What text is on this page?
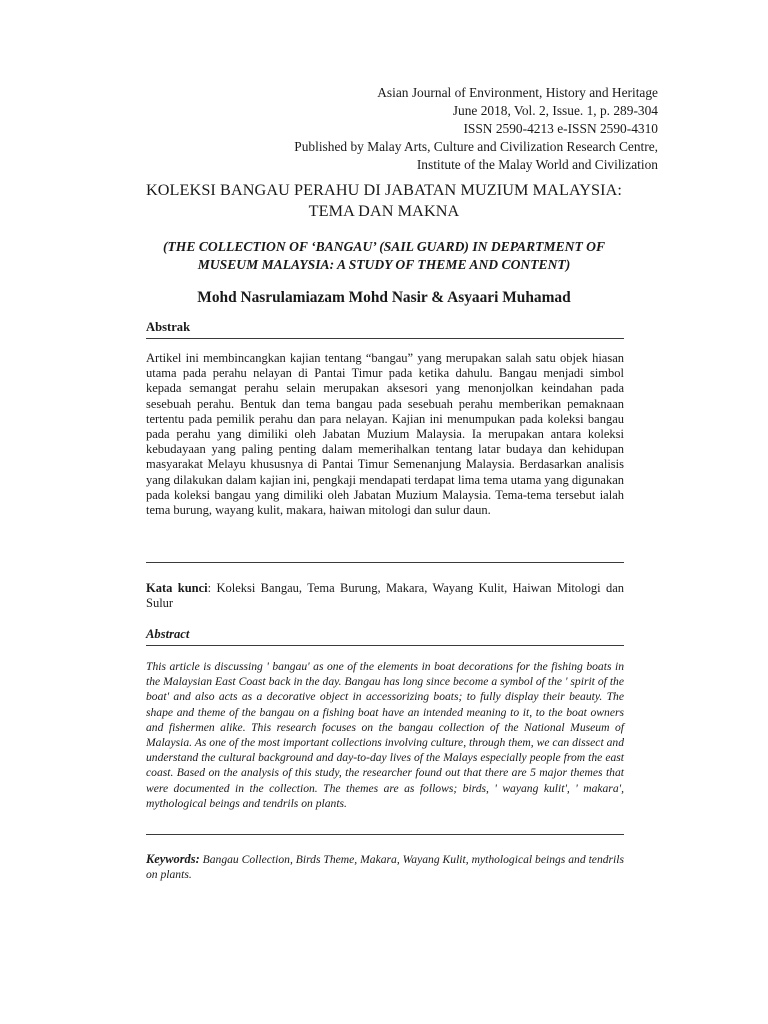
Asian Journal of Environment, History and Heritage
June 2018, Vol. 2, Issue. 1, p. 289-304
ISSN 2590-4213 e-ISSN 2590-4310
Published by Malay Arts, Culture and Civilization Research Centre,
Institute of the Malay World and Civilization
KOLEKSI BANGAU PERAHU DI JABATAN MUZIUM MALAYSIA:
TEMA DAN MAKNA
(THE COLLECTION OF ‘BANGAU’ (SAIL GUARD) IN DEPARTMENT OF
MUSEUM MALAYSIA: A STUDY OF THEME AND CONTENT)
Mohd Nasrulamiazam Mohd Nasir & Asyaari Muhamad
Abstrak

Artikel ini membincangkan kajian tentang “bangau” yang merupakan salah satu objek hiasan utama pada perahu nelayan di Pantai Timur pada ketika dahulu. Bangau menjadi simbol kepada semangat perahu selain merupakan aksesori yang menonjolkan keindahan pada sesebuah perahu. Bentuk dan tema bangau pada sesebuah perahu memberikan pemaknaan tertentu pada pemilik perahu dan para nelayan. Kajian ini menumpukan pada koleksi bangau pada perahu yang dimiliki oleh Jabatan Muzium Malaysia. Ia merupakan antara koleksi kebudayaan yang paling penting dalam memerihalkan tentang latar budaya dan kehidupan masyarakat Melayu khususnya di Pantai Timur Semenanjung Malaysia. Berdasarkan analisis yang dilakukan dalam kajian ini, pengkaji mendapati terdapat lima tema utama yang digunakan pada koleksi bangau yang dimiliki oleh Jabatan Muzium Malaysia. Tema-tema tersebut ialah tema burung, wayang kulit, makara, haiwan mitologi dan sulur daun.

Kata kunci: Koleksi Bangau, Tema Burung, Makara, Wayang Kulit, Haiwan Mitologi dan Sulur

Abstract

This article is discussing ' bangau' as one of the elements in boat decorations for the fishing boats in the Malaysian East Coast back in the day. Bangau has long since become a symbol of the ' spirit of the boat' and also acts as a decorative object in accessorizing boats; to fully display their beauty. The shape and theme of the bangau on a fishing boat have an intended meaning to it, to the boat owners and fishermen alike. This research focuses on the bangau collection of the National Museum of Malaysia. As one of the most important collections involving culture, through them, we can dissect and understand the cultural background and day-to-day lives of the Malays especially people from the east coast. Based on the analysis of this study, the researcher found out that there are 5 major themes that were documented in the collection. The themes are as follows; birds, ' wayang kulit', ' makara', mythological beings and tendrils on plants.

Keywords: Bangau Collection, Birds Theme, Makara, Wayang Kulit, mythological beings and tendrils on plants.
